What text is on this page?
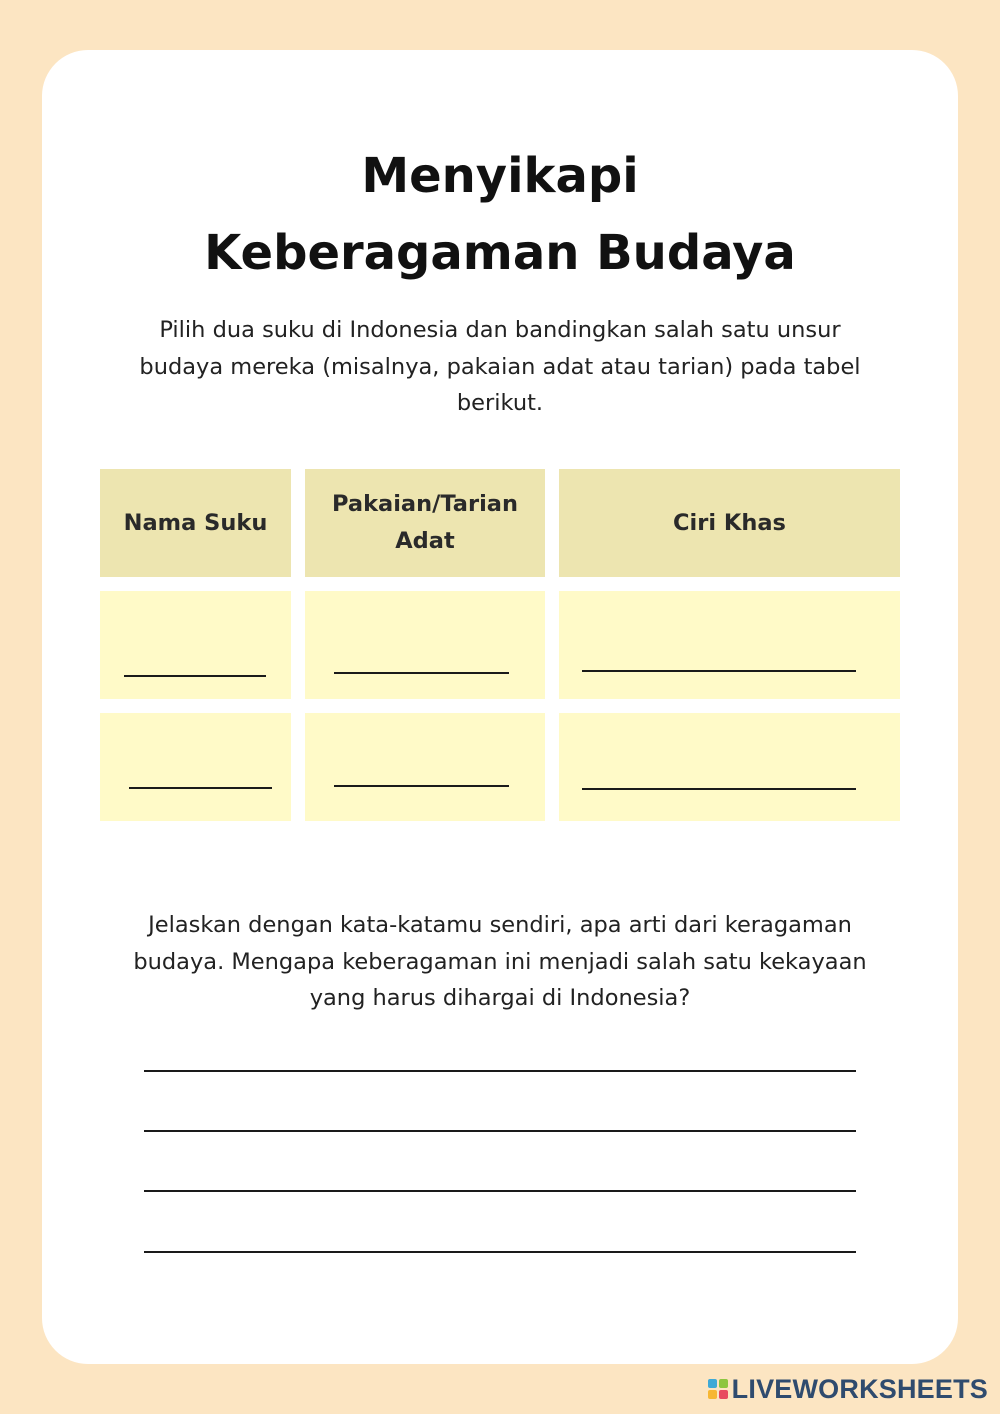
Menyikapi
Keberagaman Budaya

Pilih dua suku di Indonesia dan bandingkan salah satu unsur budaya mereka (misalnya, pakaian adat atau tarian) pada tabel berikut.

Nama Suku
Pakaian/Tarian Adat
Ciri Khas

Jelaskan dengan kata-katamu sendiri, apa arti dari keragaman budaya. Mengapa keberagaman ini menjadi salah satu kekayaan yang harus dihargai di Indonesia?

LIVEWORKSHEETS
